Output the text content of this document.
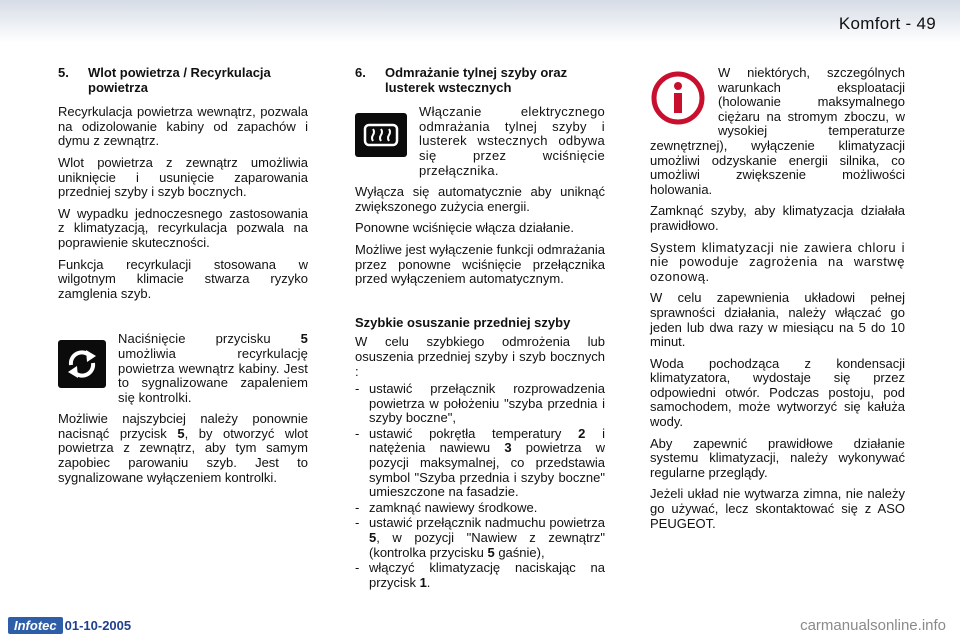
Komfort - 49
5.	Wlot powietrza / Recyrkulacja powietrza

Recyrkulacja powietrza wewnątrz, pozwala na odizolowanie kabiny od zapachów i dymu z zewnątrz.

Wlot powietrza z zewnątrz umożliwia uniknięcie i usunięcie zaparowania przedniej szyby i szyb bocznych.

W wypadku jednoczesnego zastosowania z klimatyzacją, recyrkulacja pozwala na poprawienie skuteczności.

Funkcja recyrkulacji stosowana w wilgotnym klimacie stwarza ryzyko zamglenia szyb.

Naciśnięcie przycisku 5 umożliwia recyrkulację powietrza wewnątrz kabiny. Jest to sygnalizowane zapaleniem się kontrolki.

Możliwie najszybciej należy ponownie nacisnąć przycisk 5, by otworzyć wlot powietrza z zewnątrz, aby tym samym zapobiec parowaniu szyb. Jest to sygnalizowane wyłączeniem kontrolki.

6.	Odmrażanie tylnej szyby oraz lusterek wstecznych

Włączanie elektrycznego odmrażania tylnej szyby i lusterek wstecznych odbywa się przez wciśnięcie przełącznika.

Wyłącza się automatycznie aby uniknąć zwiększonego zużycia energii.

Ponowne wciśnięcie włącza działanie.

Możliwe jest wyłączenie funkcji odmrażania przez ponowne wciśnięcie przełącznika przed wyłączeniem automatycznym.

Szybkie osuszanie przedniej szyby

W celu szybkiego odmrożenia lub osuszenia przedniej szyby i szyb bocznych :

- ustawić przełącznik rozprowadzenia powietrza w położeniu "szyba przednia i szyby boczne",
- ustawić pokrętła temperatury 2 i natężenia nawiewu 3 powietrza w pozycji maksymalnej, co przedstawia symbol "Szyba przednia i szyby boczne" umieszczone na fasadzie.
- zamknąć nawiewy środkowe.
- ustawić przełącznik nadmuchu powietrza 5, w pozycji "Nawiew z zewnątrz" (kontrolka przycisku 5 gaśnie),
- włączyć klimatyzację naciskając na przycisk 1.

W niektórych, szczególnych warunkach eksploatacji (holowanie maksymalnego ciężaru na stromym zboczu, w wysokiej temperaturze zewnętrznej), wyłączenie klimatyzacji umożliwi odzyskanie energii silnika, co umożliwi zwiększenie możliwości holowania.

Zamknąć szyby, aby klimatyzacja działała prawidłowo.

System klimatyzacji nie zawiera chloru i nie powoduje zagrożenia na warstwę ozonową.

W celu zapewnienia układowi pełnej sprawności działania, należy włączać go jeden lub dwa razy w miesiącu na 5 do 10 minut.

Woda pochodząca z kondensacji klimatyzatora, wydostaje się przez odpowiedni otwór. Podczas postoju, pod samochodem, może wytworzyć się kałuża wody.

Aby zapewnić prawidłowe działanie systemu klimatyzacji, należy wykonywać regularne przeglądy.

Jeżeli układ nie wytwarza zimna, nie należy go używać, lecz skontaktować się z ASO PEUGEOT.

Infotec 01-10-2005	carmanualsonline.info
